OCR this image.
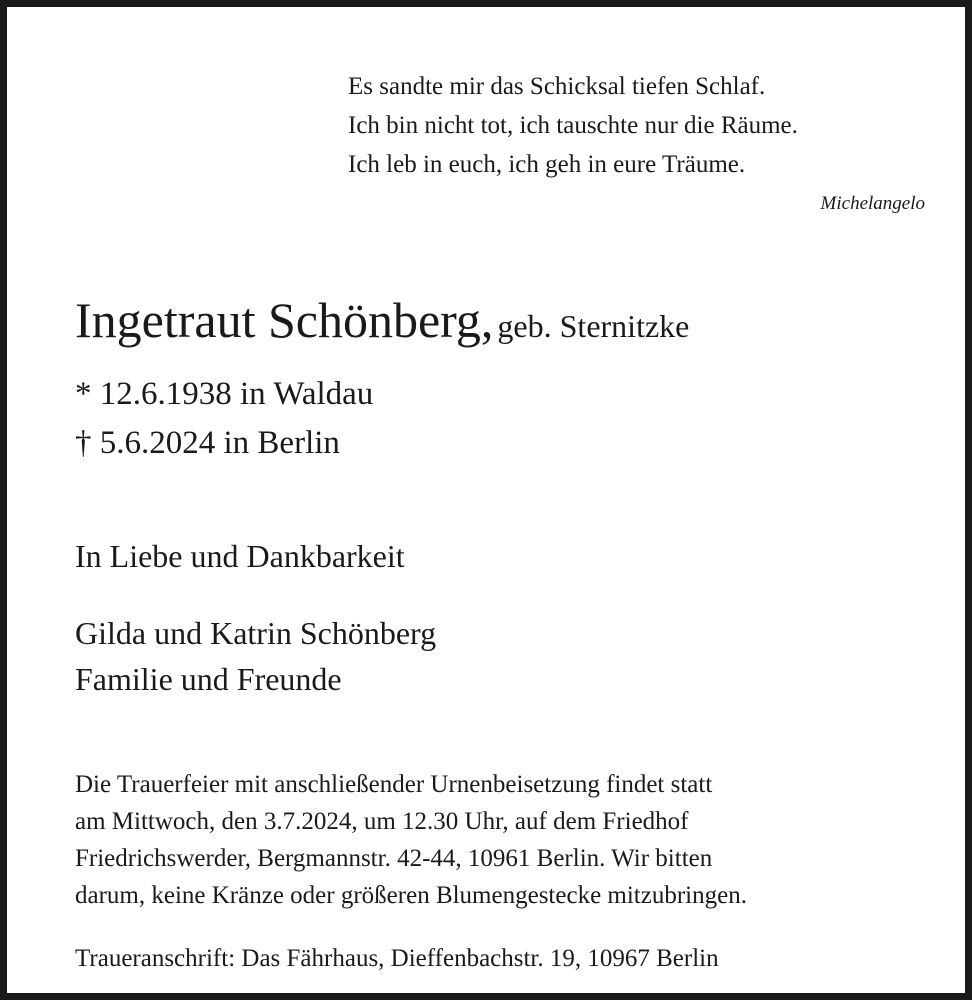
Es sandte mir das Schicksal tiefen Schlaf.
Ich bin nicht tot, ich tauschte nur die Räume.
Ich leb in euch, ich geh in eure Träume.
Michelangelo
Ingetraut Schönberg, geb. Sternitzke
* 12.6.1938 in Waldau
† 5.6.2024 in Berlin
In Liebe und Dankbarkeit
Gilda und Katrin Schönberg
Familie und Freunde
Die Trauerfeier mit anschließender Urnenbeisetzung findet statt
am Mittwoch, den 3.7.2024, um 12.30 Uhr, auf dem Friedhof
Friedrichswerder, Bergmannstr. 42-44, 10961 Berlin. Wir bitten
darum, keine Kränze oder größeren Blumengestecke mitzubringen.
Traueranschrift: Das Fährhaus, Dieffenbachstr. 19, 10967 Berlin
